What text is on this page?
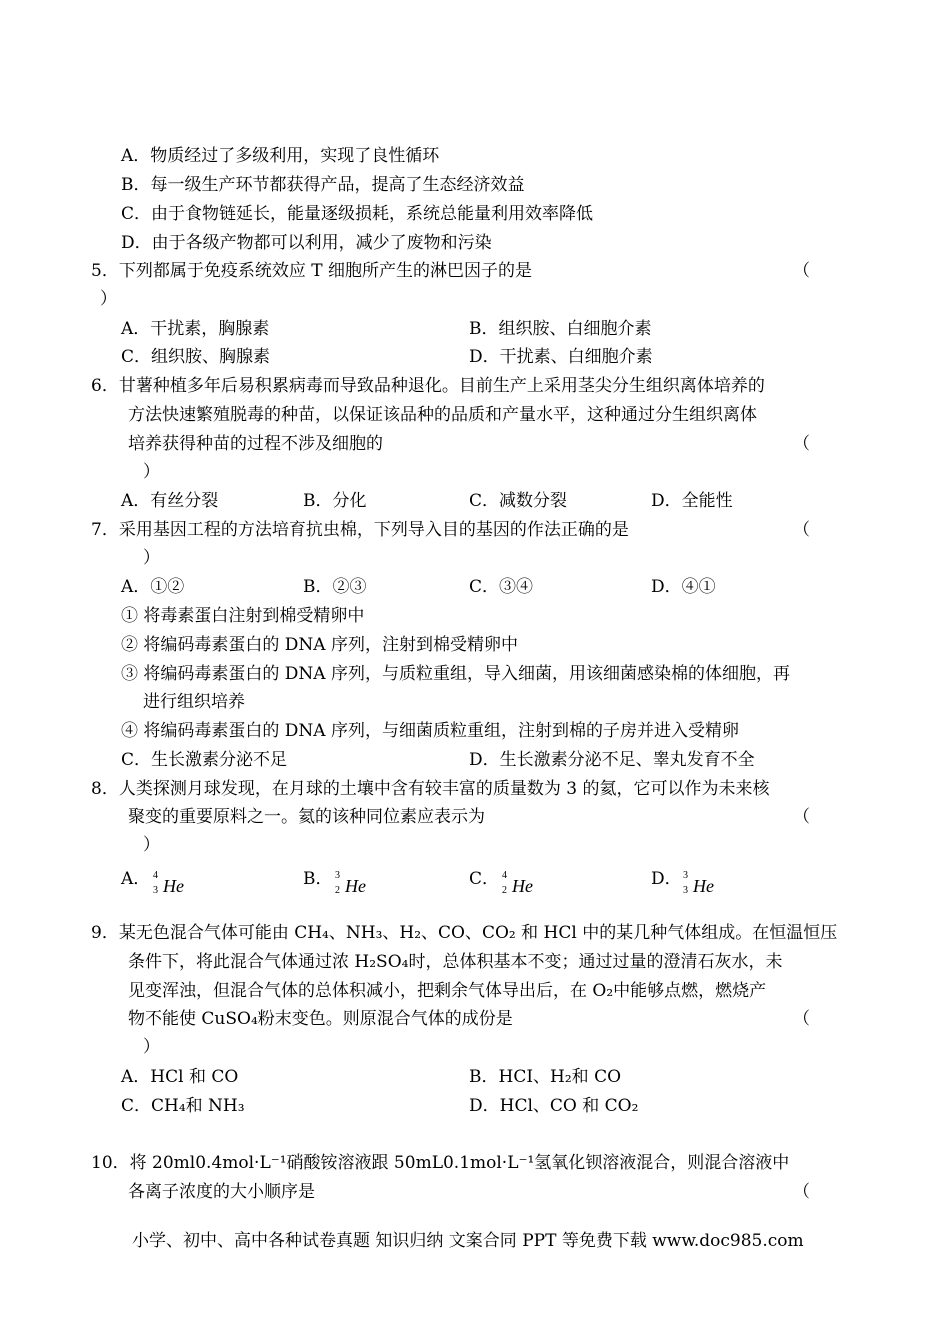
A．物质经过了多级利用，实现了良性循环
B．每一级生产环节都获得产品，提高了生态经济效益
C．由于食物链延长，能量逐级损耗，系统总能量利用效率降低
D．由于各级产物都可以利用，减少了废物和污染
5．下列都属于免疫系统效应 T 细胞所产生的淋巴因子的是	（
）
A．干扰素，胸腺素	B．组织胺、白细胞介素
C．组织胺、胸腺素	D．干扰素、白细胞介素
6．甘薯种植多年后易积累病毒而导致品种退化。目前生产上采用茎尖分生组织离体培养的
方法快速繁殖脱毒的种苗，以保证该品种的品质和产量水平，这种通过分生组织离体
培养获得种苗的过程不涉及细胞的	（
）
A．有丝分裂	B．分化	C．减数分裂	D．全能性
7．采用基因工程的方法培育抗虫棉，下列导入目的基因的作法正确的是	（
）
A．①②	B．②③	C．③④	D．④①
① 将毒素蛋白注射到棉受精卵中
② 将编码毒素蛋白的 DNA 序列，注射到棉受精卵中
③ 将编码毒素蛋白的 DNA 序列，与质粒重组，导入细菌，用该细菌感染棉的体细胞，再
进行组织培养
④ 将编码毒素蛋白的 DNA 序列，与细菌质粒重组，注射到棉的子房并进入受精卵
C．生长激素分泌不足	D．生长激素分泌不足、睾丸发育不全
8．人类探测月球发现，在月球的土壤中含有较丰富的质量数为 3 的氦，它可以作为未来核
聚变的重要原料之一。氦的该种同位素应表示为	（
）
A． 4
3 He	B． 3
2 He	C． 4
2 He	D． 3
3 He
9．某无色混合气体可能由 CH₄、NH₃、H₂、CO、CO₂ 和 HCl 中的某几种气体组成。在恒温恒压
条件下，将此混合气体通过浓 H₂SO₄时，总体积基本不变；通过过量的澄清石灰水，未
见变浑浊，但混合气体的总体积减小，把剩余气体导出后，在 O₂中能够点燃，燃烧产
物不能使 CuSO₄粉末变色。则原混合气体的成份是	（
）
A．HCl 和 CO	B．HCI、H₂和 CO
C．CH₄和 NH₃	D．HCl、CO 和 CO₂
10．将 20ml0.4mol·L⁻¹硝酸铵溶液跟 50mL0.1mol·L⁻¹氢氧化钡溶液混合，则混合溶液中
各离子浓度的大小顺序是	（
小学、初中、高中各种试卷真题 知识归纳 文案合同 PPT 等免费下载 www.doc985.com
